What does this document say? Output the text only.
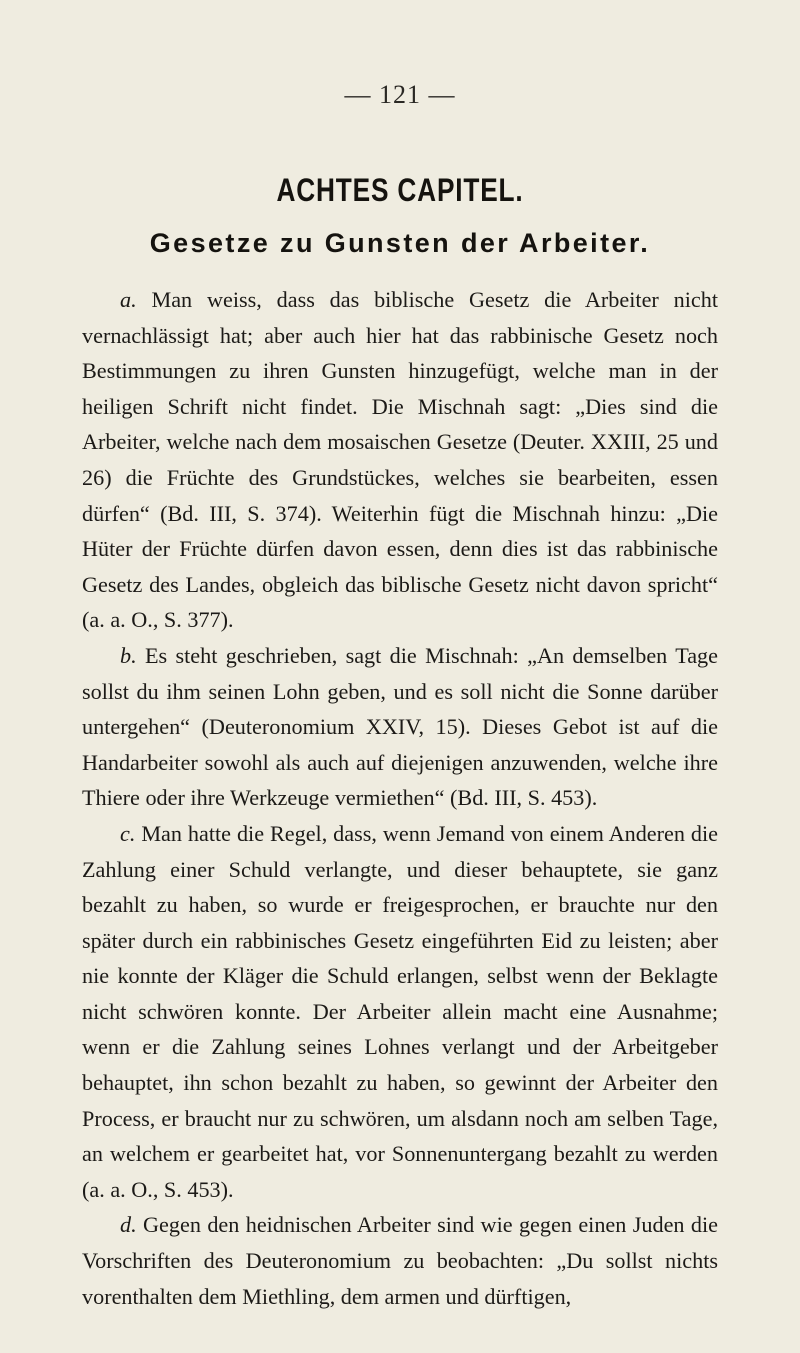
— 121 —
ACHTES CAPITEL.
Gesetze zu Gunsten der Arbeiter.

a. Man weiss, dass das biblische Gesetz die Arbeiter nicht vernachlässigt hat; aber auch hier hat das rabbinische Gesetz noch Bestimmungen zu ihren Gunsten hinzugefügt, welche man in der heiligen Schrift nicht findet. Die Mischnah sagt: „Dies sind die Arbeiter, welche nach dem mosaischen Gesetze (Deuter. XXIII, 25 und 26) die Früchte des Grundstückes, welches sie bearbeiten, essen dürfen“ (Bd. III, S. 374). Weiterhin fügt die Mischnah hinzu: „Die Hüter der Früchte dürfen davon essen, denn dies ist das rabbinische Gesetz des Landes, obgleich das biblische Gesetz nicht davon spricht“ (a. a. O., S. 377).

b. Es steht geschrieben, sagt die Mischnah: „An demselben Tage sollst du ihm seinen Lohn geben, und es soll nicht die Sonne darüber untergehen“ (Deuteronomium XXIV, 15). Dieses Gebot ist auf die Handarbeiter sowohl als auch auf diejenigen anzuwenden, welche ihre Thiere oder ihre Werkzeuge vermiethen“ (Bd. III, S. 453).

c. Man hatte die Regel, dass, wenn Jemand von einem Anderen die Zahlung einer Schuld verlangte, und dieser behauptete, sie ganz bezahlt zu haben, so wurde er freigesprochen, er brauchte nur den später durch ein rabbinisches Gesetz eingeführten Eid zu leisten; aber nie konnte der Kläger die Schuld erlangen, selbst wenn der Beklagte nicht schwören konnte. Der Arbeiter allein macht eine Ausnahme; wenn er die Zahlung seines Lohnes verlangt und der Arbeitgeber behauptet, ihn schon bezahlt zu haben, so gewinnt der Arbeiter den Process, er braucht nur zu schwören, um alsdann noch am selben Tage, an welchem er gearbeitet hat, vor Sonnenuntergang bezahlt zu werden (a. a. O., S. 453).

d. Gegen den heidnischen Arbeiter sind wie gegen einen Juden die Vorschriften des Deuteronomium zu beobachten: „Du sollst nichts vorenthalten dem Miethling, dem armen und dürftigen,
